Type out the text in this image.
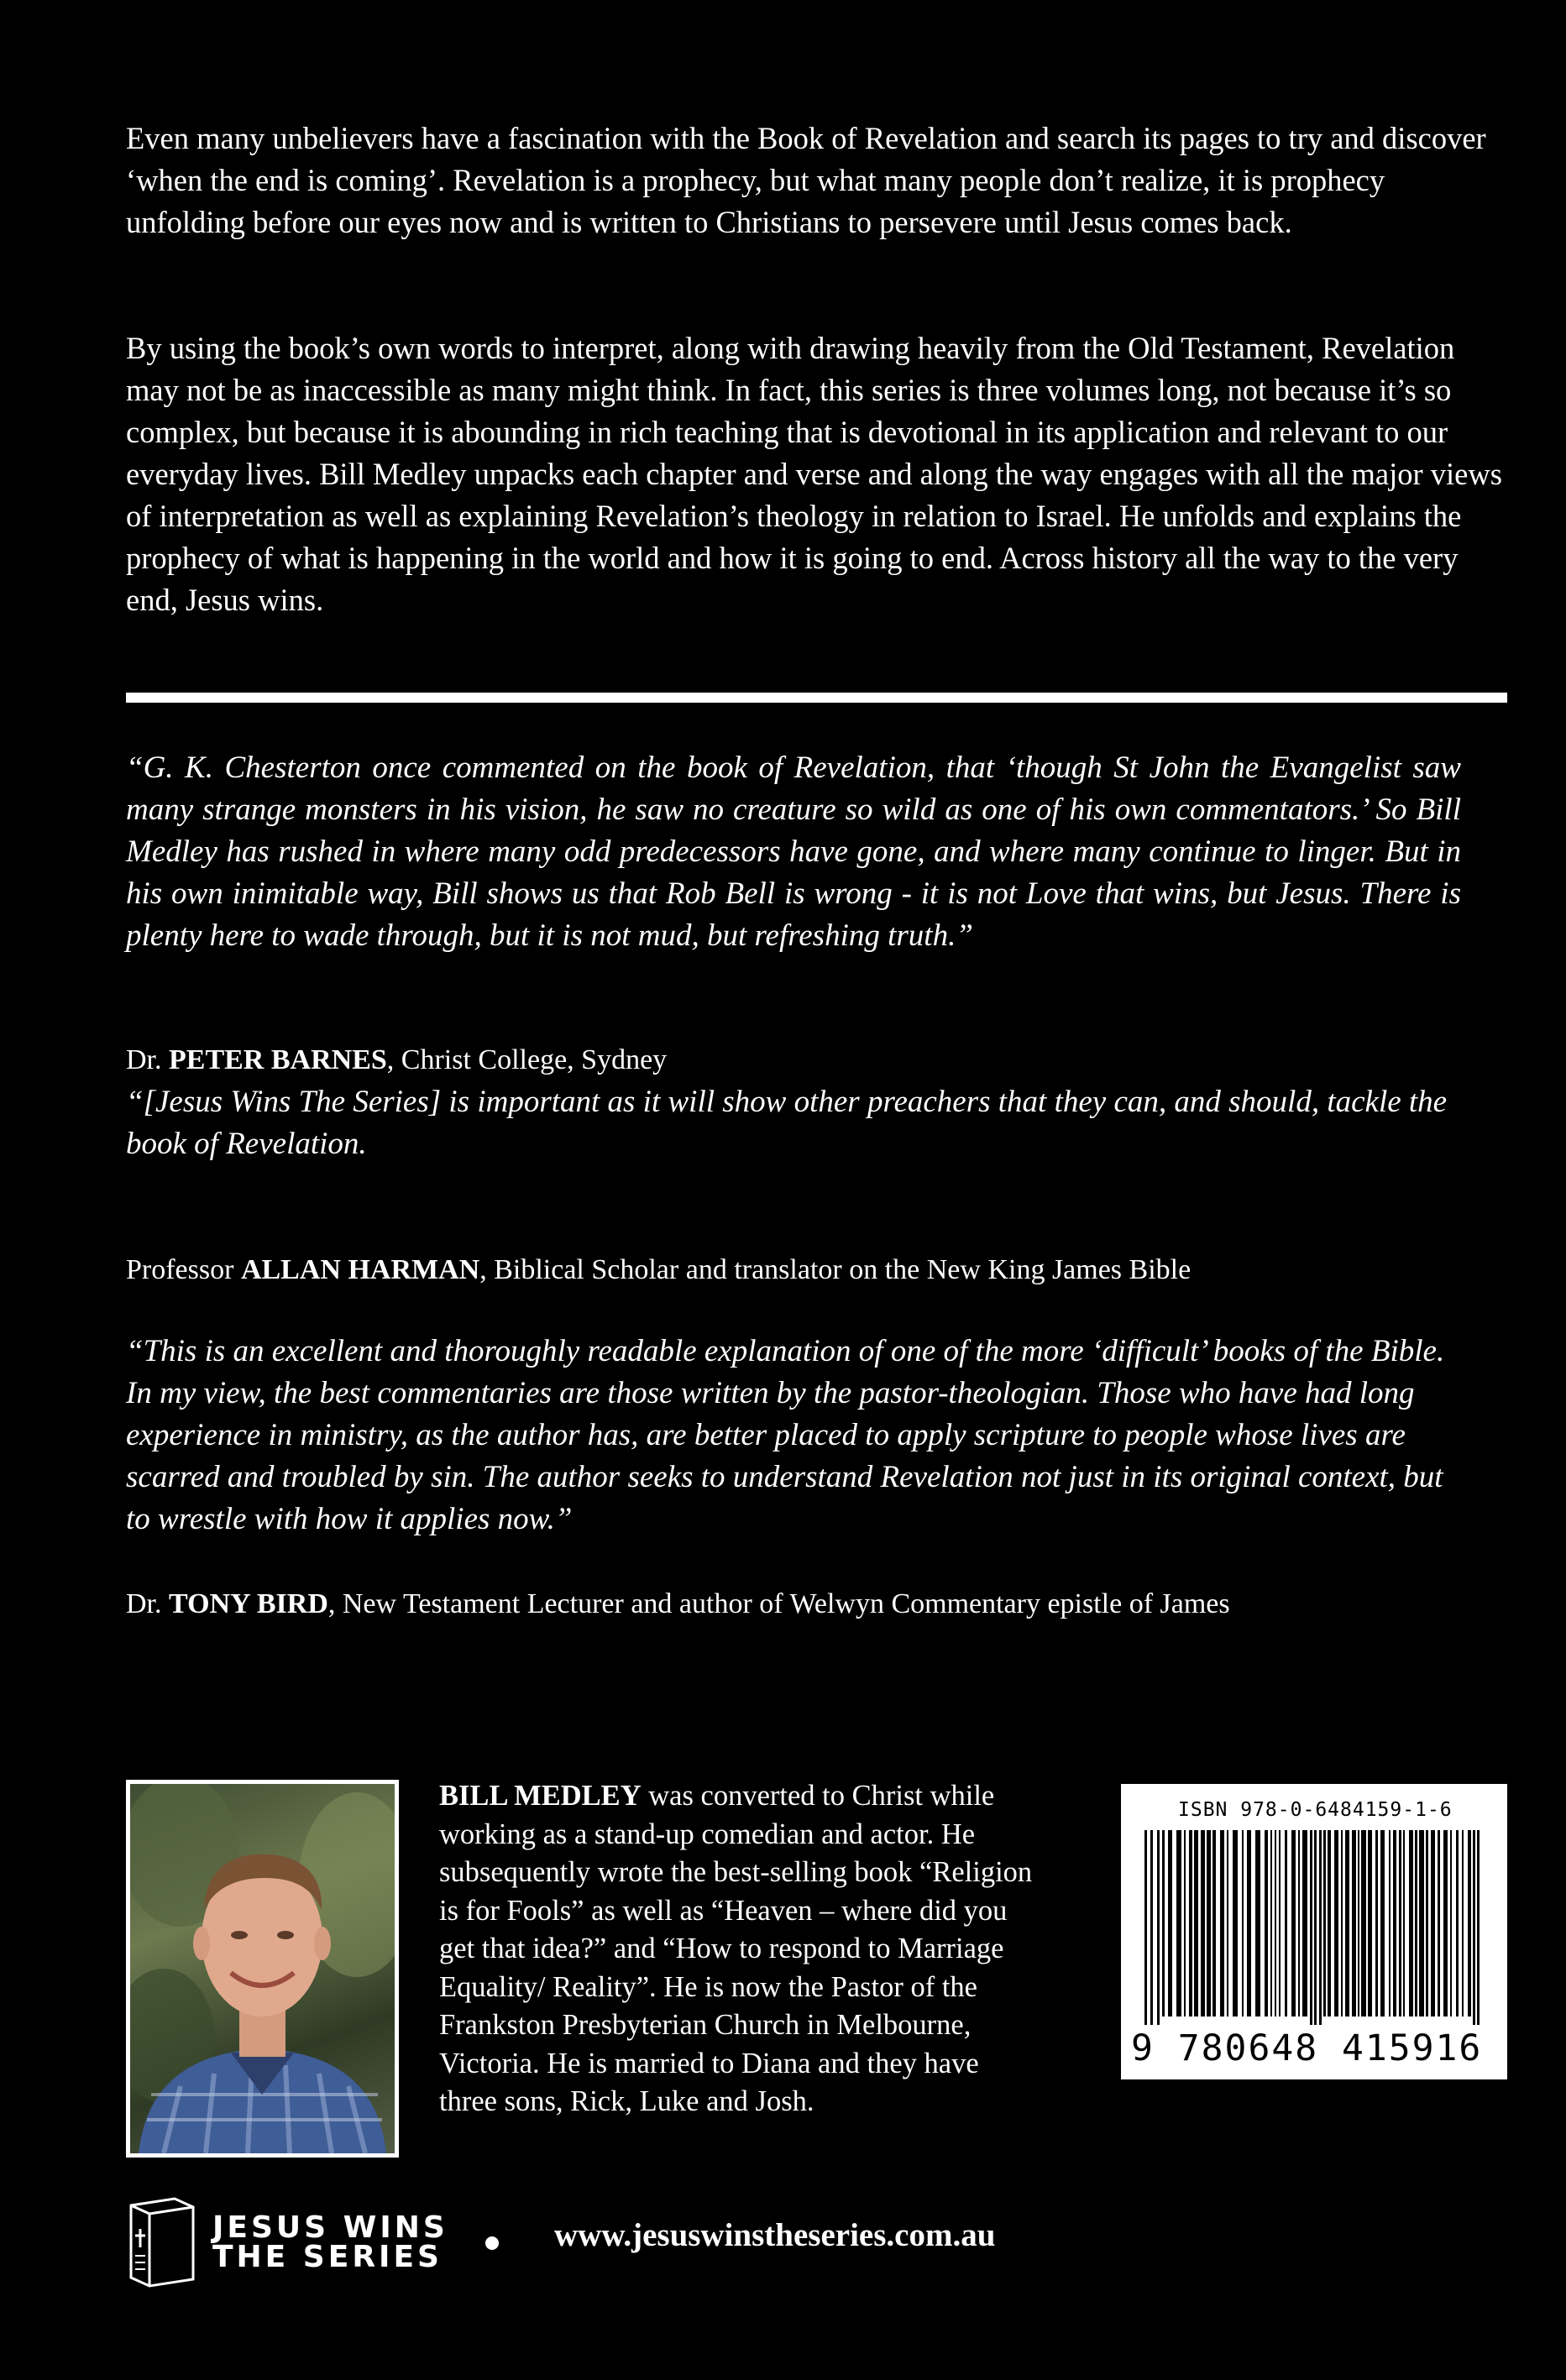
Even many unbelievers have a fascination with the Book of Revelation and search its pages to try and discover ‘when the end is coming’. Revelation is a prophecy, but what many people don’t realize, it is prophecy unfolding before our eyes now and is written to Christians to persevere until Jesus comes back.

By using the book’s own words to interpret, along with drawing heavily from the Old Testament, Revelation may not be as inaccessible as many might think. In fact, this series is three volumes long, not because it’s so complex, but because it is abounding in rich teaching that is devotional in its application and relevant to our everyday lives. Bill Medley unpacks each chapter and verse and along the way engages with all the major views of interpretation as well as explaining Revelation’s theology in relation to Israel. He unfolds and explains the prophecy of what is happening in the world and how it is going to end. Across history all the way to the very end, Jesus wins.

“G. K. Chesterton once commented on the book of Revelation, that ‘though St John the Evangelist saw many strange monsters in his vision, he saw no creature so wild as one of his own commentators.’ So Bill Medley has rushed in where many odd predecessors have gone, and where many continue to linger. But in his own inimitable way, Bill shows us that Rob Bell is wrong - it is not Love that wins, but Jesus. There is plenty here to wade through, but it is not mud, but refreshing truth.”

Dr. PETER BARNES, Christ College, Sydney

“[Jesus Wins The Series] is important as it will show other preachers that they can, and should, tackle the book of Revelation.

Professor ALLAN HARMAN, Biblical Scholar and translator on the New King James Bible

“This is an excellent and thoroughly readable explanation of one of the more ‘difficult’ books of the Bible. In my view, the best commentaries are those written by the pastor-theologian. Those who have had long experience in ministry, as the author has, are better placed to apply scripture to people whose lives are scarred and troubled by sin. The author seeks to understand Revelation not just in its original context, but to wrestle with how it applies now.”

Dr. TONY BIRD, New Testament Lecturer and author of Welwyn Commentary epistle of James

BILL MEDLEY was converted to Christ while working as a stand-up comedian and actor. He subsequently wrote the best-selling book “Religion is for Fools” as well as “Heaven – where did you get that idea?” and “How to respond to Marriage Equality/ Reality”. He is now the Pastor of the Frankston Presbyterian Church in Melbourne, Victoria. He is married to Diana and they have three sons, Rick, Luke and Josh.

ISBN 978-0-6484159-1-6
9 780648 415916

JESUS WINS
THE SERIES

www.jesuswinstheseries.com.au
